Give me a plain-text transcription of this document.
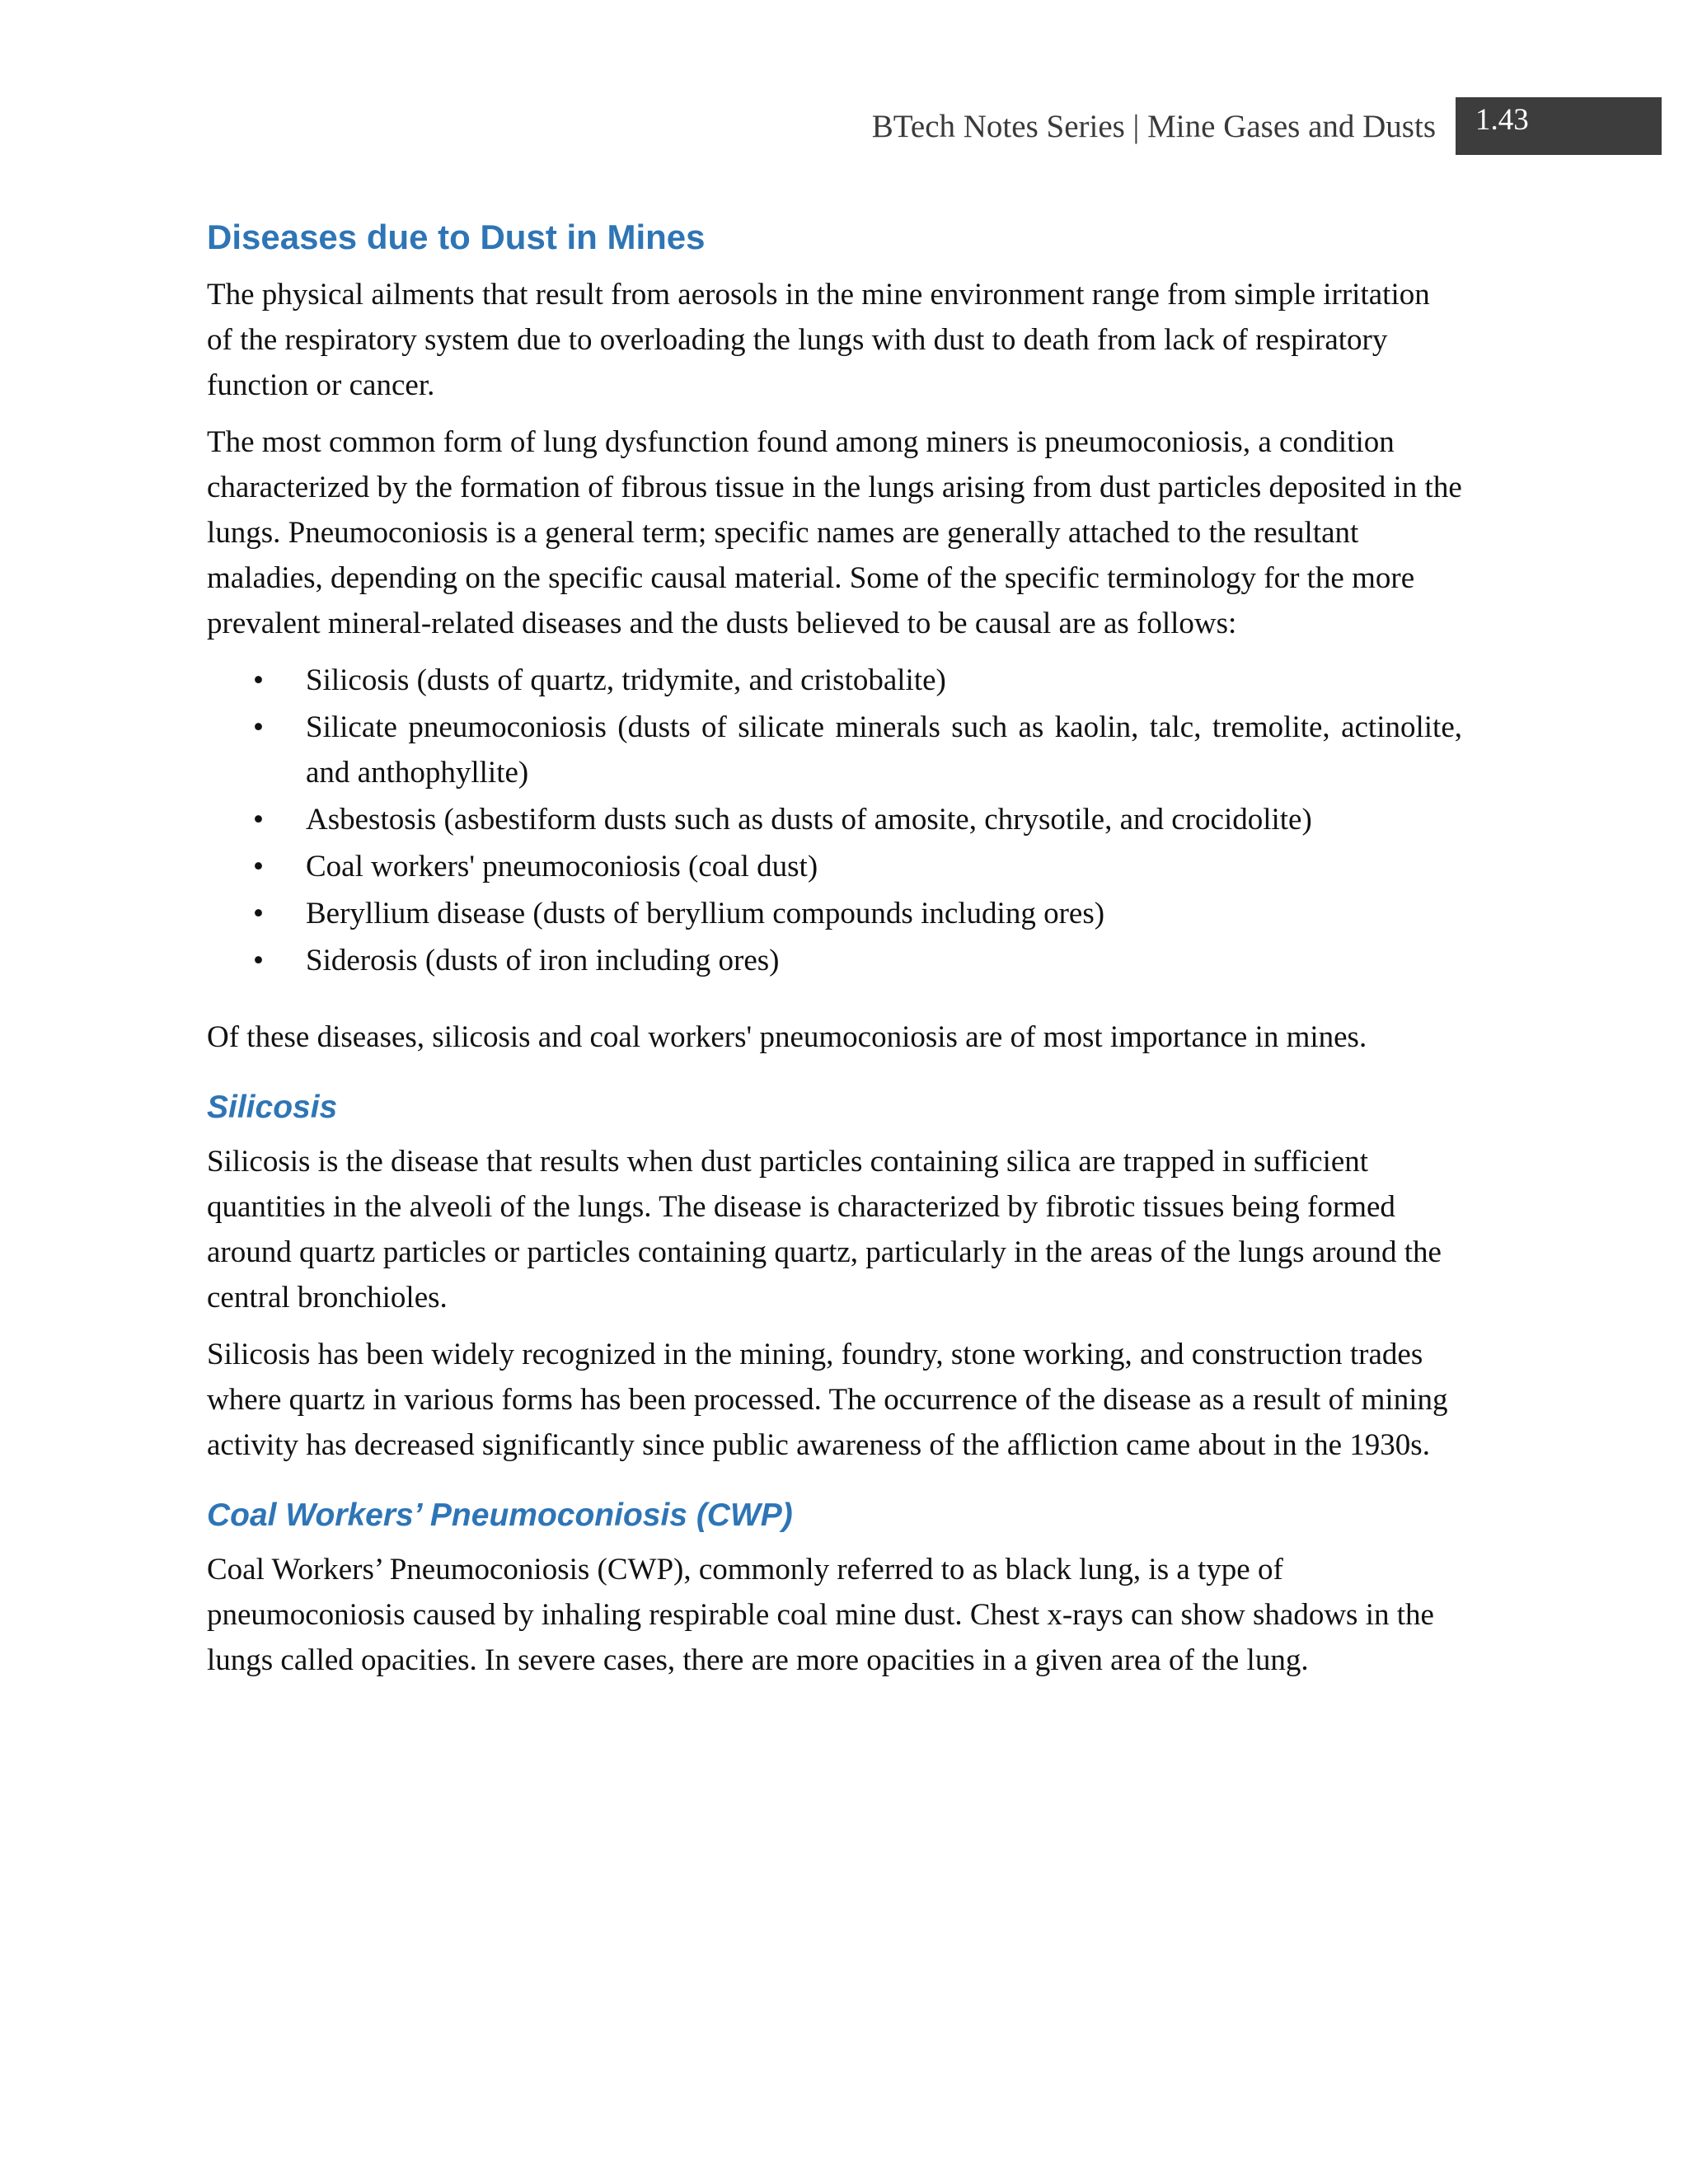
BTech Notes Series | Mine Gases and Dusts	1.43
Diseases due to Dust in Mines

The physical ailments that result from aerosols in the mine environment range from simple irritation of the respiratory system due to overloading the lungs with dust to death from lack of respiratory function or cancer.

The most common form of lung dysfunction found among miners is pneumoconiosis, a condition characterized by the formation of fibrous tissue in the lungs arising from dust particles deposited in the lungs. Pneumoconiosis is a general term; specific names are generally attached to the resultant maladies, depending on the specific causal material. Some of the specific terminology for the more prevalent mineral-related diseases and the dusts believed to be causal are as follows:

• Silicosis (dusts of quartz, tridymite, and cristobalite)
• Silicate pneumoconiosis (dusts of silicate minerals such as kaolin, talc, tremolite, actinolite, and anthophyllite)
• Asbestosis (asbestiform dusts such as dusts of amosite, chrysotile, and crocidolite)
• Coal workers' pneumoconiosis (coal dust)
• Beryllium disease (dusts of beryllium compounds including ores)
• Siderosis (dusts of iron including ores)

Of these diseases, silicosis and coal workers' pneumoconiosis are of most importance in mines.

Silicosis

Silicosis is the disease that results when dust particles containing silica are trapped in sufficient quantities in the alveoli of the lungs. The disease is characterized by fibrotic tissues being formed around quartz particles or particles containing quartz, particularly in the areas of the lungs around the central bronchioles.

Silicosis has been widely recognized in the mining, foundry, stone working, and construction trades where quartz in various forms has been processed. The occurrence of the disease as a result of mining activity has decreased significantly since public awareness of the affliction came about in the 1930s.

Coal Workers’ Pneumoconiosis (CWP)

Coal Workers’ Pneumoconiosis (CWP), commonly referred to as black lung, is a type of pneumoconiosis caused by inhaling respirable coal mine dust. Chest x-rays can show shadows in the lungs called opacities. In severe cases, there are more opacities in a given area of the lung.
